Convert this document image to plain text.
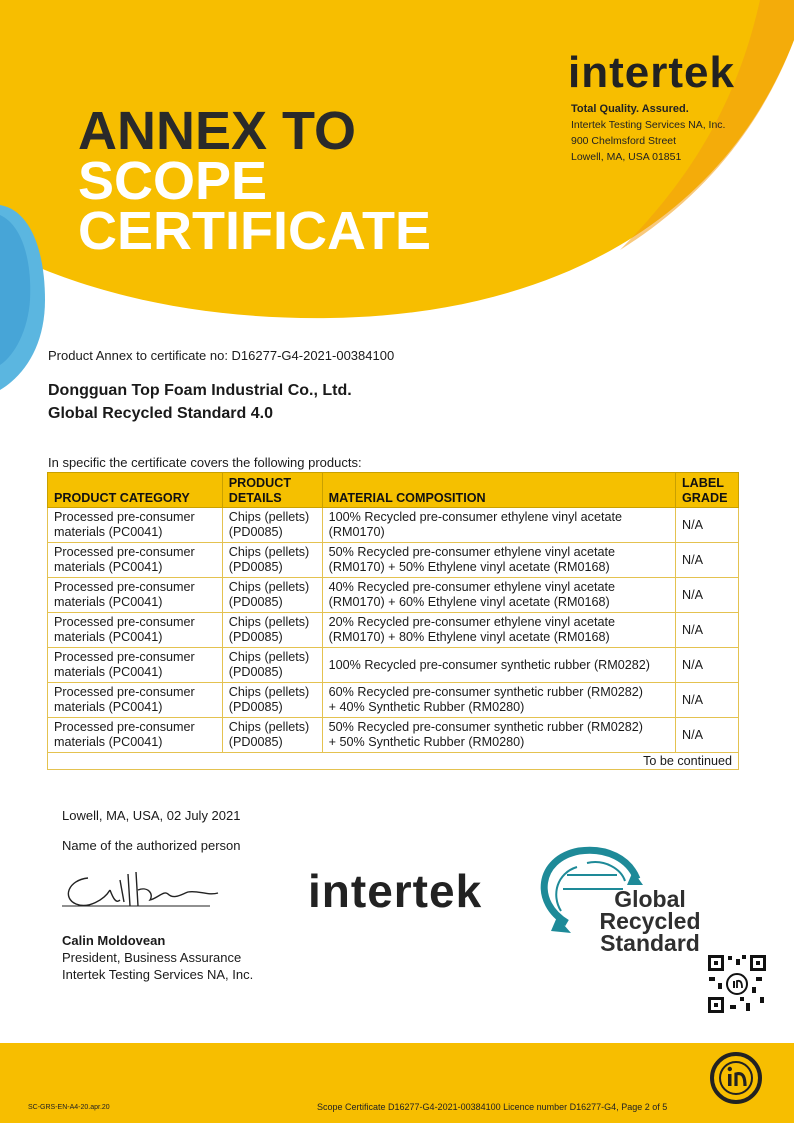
intertek
Total Quality. Assured.
Intertek Testing Services NA, Inc.
900 Chelmsford Street
Lowell, MA, USA 01851
ANNEX TO
SCOPE
CERTIFICATE
Product Annex to certificate no: D16277-G4-2021-00384100
Dongguan Top Foam Industrial Co., Ltd.
Global Recycled Standard 4.0
In specific the certificate covers the following products:
PRODUCT CATEGORY	PRODUCT
DETAILS	MATERIAL COMPOSITION	LABEL
GRADE
Processed pre-consumer
materials (PC0041)	Chips (pellets)
(PD0085)	100% Recycled pre-consumer ethylene vinyl acetate
(RM0170)	N/A
Processed pre-consumer
materials (PC0041)	Chips (pellets)
(PD0085)	50% Recycled pre-consumer ethylene vinyl acetate
(RM0170) + 50% Ethylene vinyl acetate (RM0168)	N/A
Processed pre-consumer
materials (PC0041)	Chips (pellets)
(PD0085)	40% Recycled pre-consumer ethylene vinyl acetate
(RM0170) + 60% Ethylene vinyl acetate (RM0168)	N/A
Processed pre-consumer
materials (PC0041)	Chips (pellets)
(PD0085)	20% Recycled pre-consumer ethylene vinyl acetate
(RM0170) + 80% Ethylene vinyl acetate (RM0168)	N/A
Processed pre-consumer
materials (PC0041)	Chips (pellets)
(PD0085)	100% Recycled pre-consumer synthetic rubber (RM0282)	N/A
Processed pre-consumer
materials (PC0041)	Chips (pellets)
(PD0085)	60% Recycled pre-consumer synthetic rubber (RM0282)
+ 40% Synthetic Rubber (RM0280)	N/A
Processed pre-consumer
materials (PC0041)	Chips (pellets)
(PD0085)	50% Recycled pre-consumer synthetic rubber (RM0282)
+ 50% Synthetic Rubber (RM0280)	N/A
To be continued			
Lowell, MA, USA, 02 July 2021
Name of the authorized person
Calin Moldovean
President, Business Assurance
Intertek Testing Services NA, Inc.
intertek	Global Recycled
Standard
SC-GRS-EN-A4-20.apr.20	Scope Certificate D16277-G4-2021-00384100 Licence number D16277-G4, Page 2 of 5
